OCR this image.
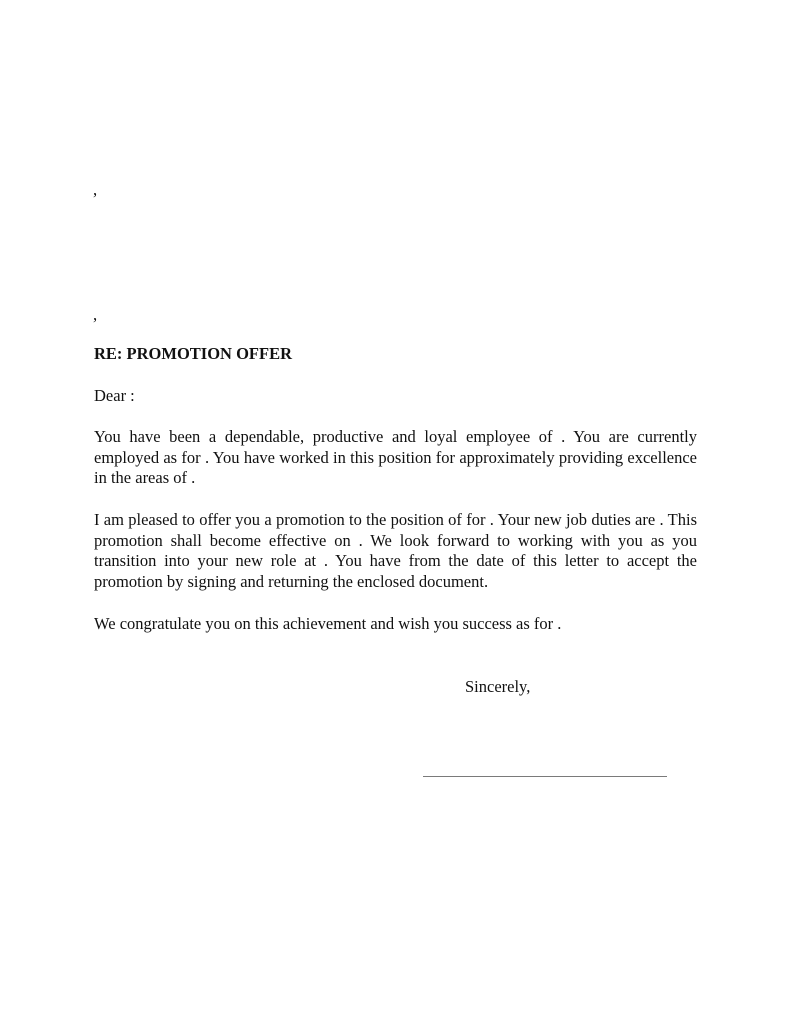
,

,

RE: PROMOTION OFFER

Dear :

You have been a dependable, productive and loyal employee of . You are currently employed as for . You have worked in this position for approximately providing excellence in the areas of .

I am pleased to offer you a promotion to the position of for . Your new job duties are . This promotion shall become effective on . We look forward to working with you as you transition into your new role at . You have from the date of this letter to accept the promotion by signing and returning the enclosed document.

We congratulate you on this achievement and wish you success as for .

Sincerely,
